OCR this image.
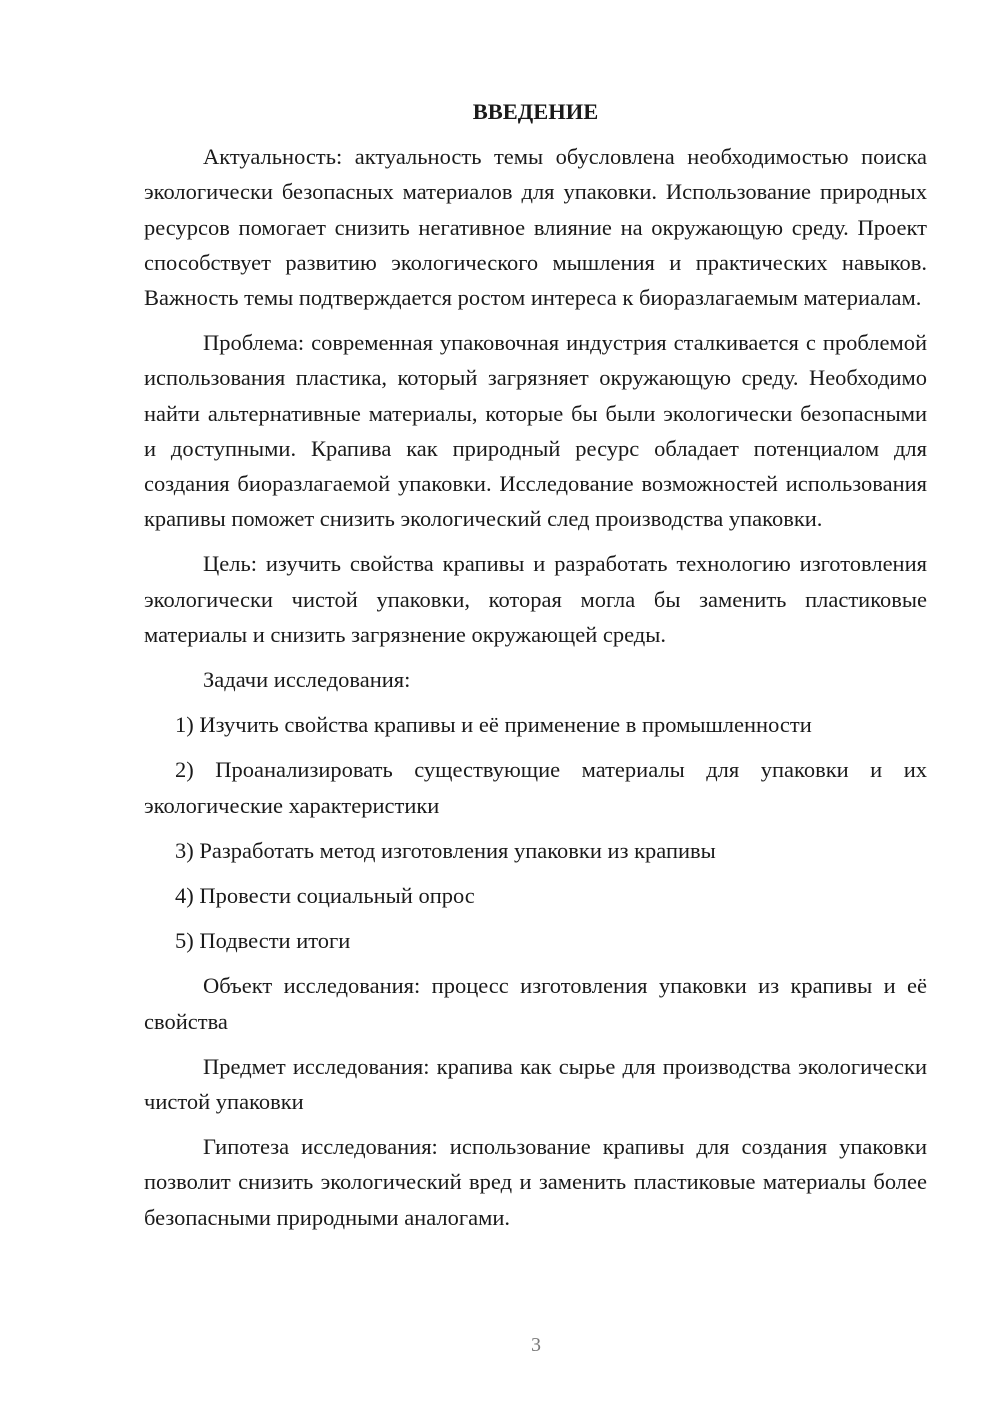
ВВЕДЕНИЕ

Актуальность: актуальность темы обусловлена необходимостью поиска экологически безопасных материалов для упаковки. Использование природных ресурсов помогает снизить негативное влияние на окружающую среду. Проект способствует развитию экологического мышления и практических навыков. Важность темы подтверждается ростом интереса к биоразлагаемым материалам.

Проблема: современная упаковочная индустрия сталкивается с проблемой использования пластика, который загрязняет окружающую среду. Необходимо найти альтернативные материалы, которые бы были экологически безопасными и доступными. Крапива как природный ресурс обладает потенциалом для создания биоразлагаемой упаковки. Исследование возможностей использования крапивы поможет снизить экологический след производства упаковки.

Цель: изучить свойства крапивы и разработать технологию изготовления экологически чистой упаковки, которая могла бы заменить пластиковые материалы и снизить загрязнение окружающей среды.

Задачи исследования:

1) Изучить свойства крапивы и её применение в промышленности

2) Проанализировать существующие материалы для упаковки и их экологические характеристики

3) Разработать метод изготовления упаковки из крапивы

4) Провести социальный опрос

5) Подвести итоги

Объект исследования: процесс изготовления упаковки из крапивы и её свойства

Предмет исследования: крапива как сырье для производства экологически чистой упаковки

Гипотеза исследования: использование крапивы для создания упаковки позволит снизить экологический вред и заменить пластиковые материалы более безопасными природными аналогами.

3
